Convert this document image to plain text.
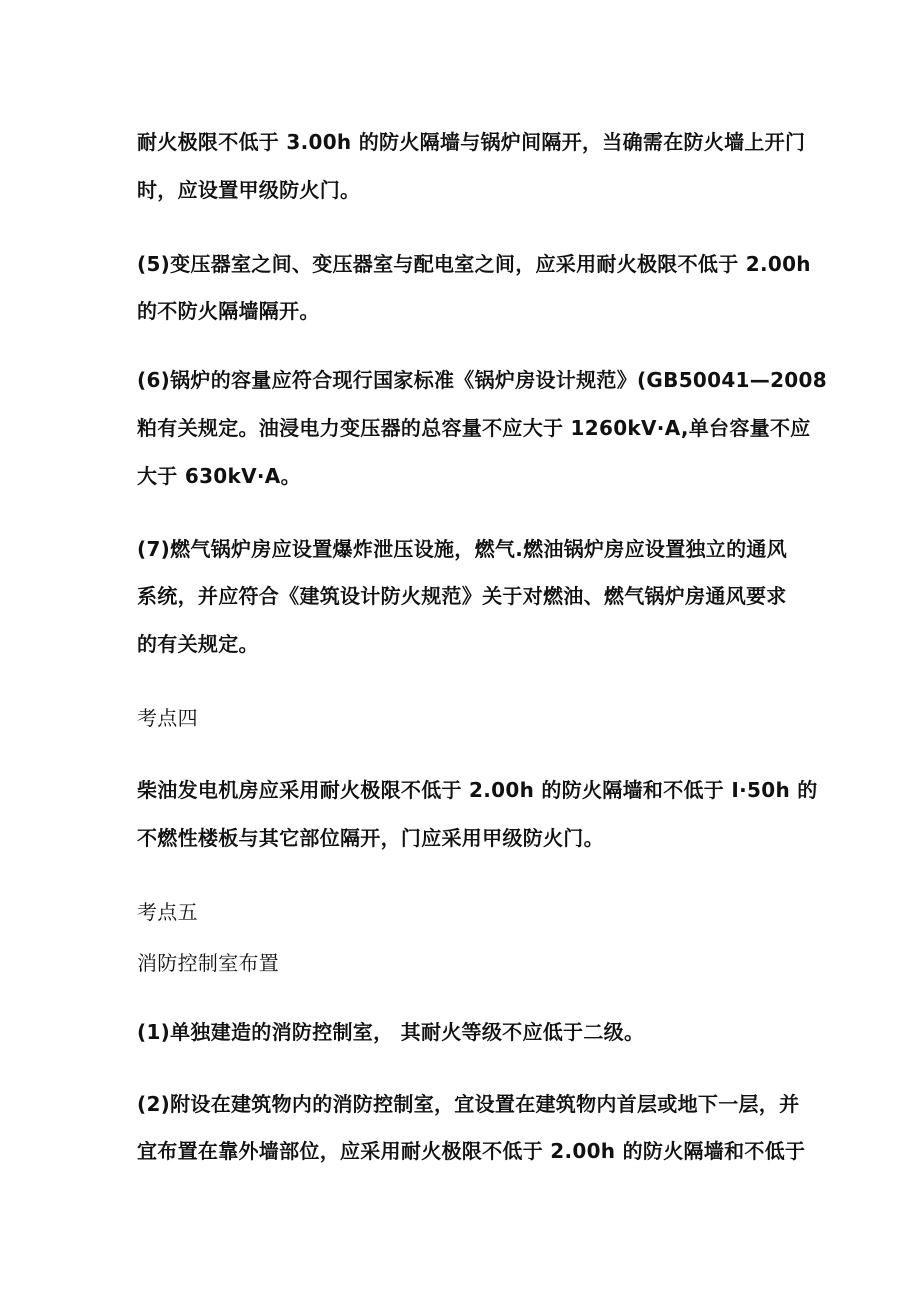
耐火极限不低于 3.00h 的防火隔墙与锅炉间隔开，当确需在防火墙上开门
时，应设置甲级防火门。
(5)变压器室之间、变压器室与配电室之间，应采用耐火极限不低于 2.00h
的不防火隔墙隔开。
(6)锅炉的容量应符合现行国家标准《锅炉房设计规范》(GB50041—2008
粕有关规定。油浸电力变压器的总容量不应大于 1260kV·A,单台容量不应
大于 630kV·A。
(7)燃气锅炉房应设置爆炸泄压设施，燃气.燃油锅炉房应设置独立的通风
系统，并应符合《建筑设计防火规范》关于对燃油、燃气锅炉房通风要求
的有关规定。
考点四
柴油发电机房应采用耐火极限不低于 2.00h 的防火隔墙和不低于 I·50h 的
不燃性楼板与其它部位隔开，门应采用甲级防火门。
考点五
消防控制室布置
(1)单独建造的消防控制室， 其耐火等级不应低于二级。
(2)附设在建筑物内的消防控制室，宜设置在建筑物内首层或地下一层，并
宜布置在靠外墙部位，应采用耐火极限不低于 2.00h 的防火隔墙和不低于
